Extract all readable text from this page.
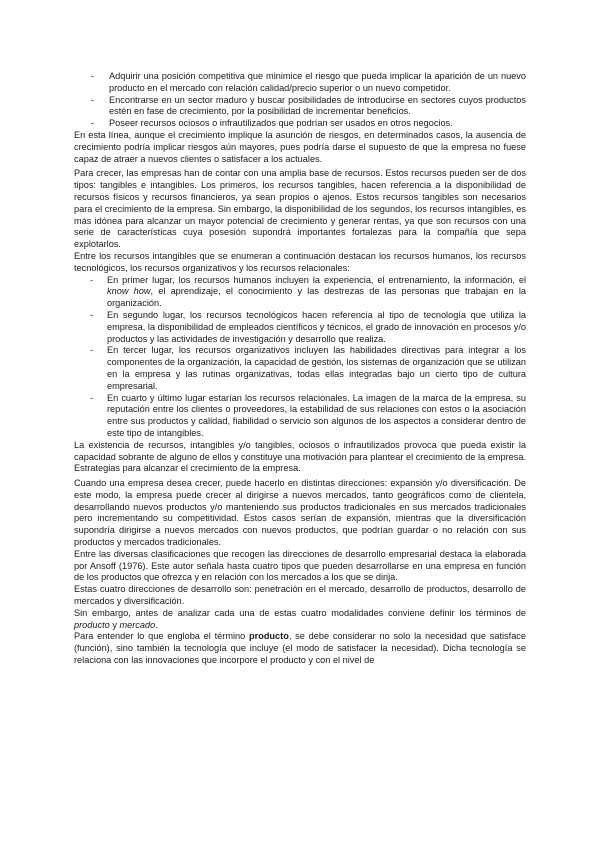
- Adquirir una posición competitiva que minimice el riesgo que pueda implicar la aparición de un nuevo producto en el mercado con relación calidad/precio superior o un nuevo competidor.
- Encontrarse en un sector maduro y buscar posibilidades de introducirse en sectores cuyos productos estén en fase de crecimiento, por la posibilidad de incrementar beneficios.
- Poseer recursos ociosos o infrautilizados que podrían ser usados en otros negocios.

En esta línea, aunque el crecimiento implique la asunción de riesgos, en determinados casos, la ausencia de crecimiento podría implicar riesgos aún mayores, pues podría darse el supuesto de que la empresa no fuese capaz de atraer a nuevos clientes o satisfacer a los actuales.

Para crecer, las empresas han de contar con una amplia base de recursos. Estos recursos pueden ser de dos tipos: tangibles e intangibles. Los primeros, los recursos tangibles, hacen referencia a la disponibilidad de recursos físicos y recursos financieros, ya sean propios o ajenos. Estos recursos tangibles son necesarios para el crecimiento de la empresa. Sin embargo, la disponibilidad de los segundos, los recursos intangibles, es más idónea para alcanzar un mayor potencial de crecimiento y generar rentas, ya que son recursos con una serie de características cuya posesión supondrá importantes fortalezas para la compañía que sepa explotarlos.

Entre los recursos intangibles que se enumeran a continuación destacan los recursos humanos, los recursos tecnológicos, los recursos organizativos y los recursos relacionales:

- En primer lugar, los recursos humanos incluyen la experiencia, el entrenamiento, la información, el know how, el aprendizaje, el conocimiento y las destrezas de las personas que trabajan en la organización.
- En segundo lugar, los recursos tecnológicos hacen referencia al tipo de tecnología que utiliza la empresa, la disponibilidad de empleados científicos y técnicos, el grado de innovación en procesos y/o productos y las actividades de investigación y desarrollo que realiza.
- En tercer lugar, los recursos organizativos incluyen las habilidades directivas para integrar a los componentes de la organización, la capacidad de gestión, los sistemas de organización que se utilizan en la empresa y las rutinas organizativas, todas ellas integradas bajo un cierto tipo de cultura empresarial.
- En cuarto y último lugar estarían los recursos relacionales. La imagen de la marca de la empresa, su reputación entre los clientes o proveedores, la estabilidad de sus relaciones con estos o la asociación entre sus productos y calidad, fiabilidad o servicio son algunos de los aspectos a considerar dentro de este tipo de intangibles.

La existencia de recursos, intangibles y/o tangibles, ociosos o infrautilizados provoca que pueda existir la capacidad sobrante de alguno de ellos y constituye una motivación para plantear el crecimiento de la empresa.

Estrategias para alcanzar el crecimiento de la empresa.

Cuando una empresa desea crecer, puede hacerlo en distintas direcciones: expansión y/o diversificación. De este modo, la empresa puede crecer al dirigirse a nuevos mercados, tanto geográficos como de clientela, desarrollando nuevos productos y/o manteniendo sus productos tradicionales en sus mercados tradicionales pero incrementando su competitividad. Estos casos serían de expansión, mientras que la diversificación supondría dirigirse a nuevos mercados con nuevos productos, que podrían guardar o no relación con sus productos y mercados tradicionales.

Entre las diversas clasificaciones que recogen las direcciones de desarrollo empresarial destaca la elaborada por Ansoff (1976). Este autor señala hasta cuatro tipos que pueden desarrollarse en una empresa en función de los productos que ofrezca y en relación con los mercados a los que se dirija.

Estas cuatro direcciones de desarrollo son: penetración en el mercado, desarrollo de productos, desarrollo de mercados y diversificación.

Sin embargo, antes de analizar cada una de estas cuatro modalidades conviene definir los términos de producto y mercado.

Para entender lo que engloba el término producto, se debe considerar no solo la necesidad que satisface (función), sino también la tecnología que incluye (el modo de satisfacer la necesidad). Dicha tecnología se relaciona con las innovaciones que incorpore el producto y con el nivel de
